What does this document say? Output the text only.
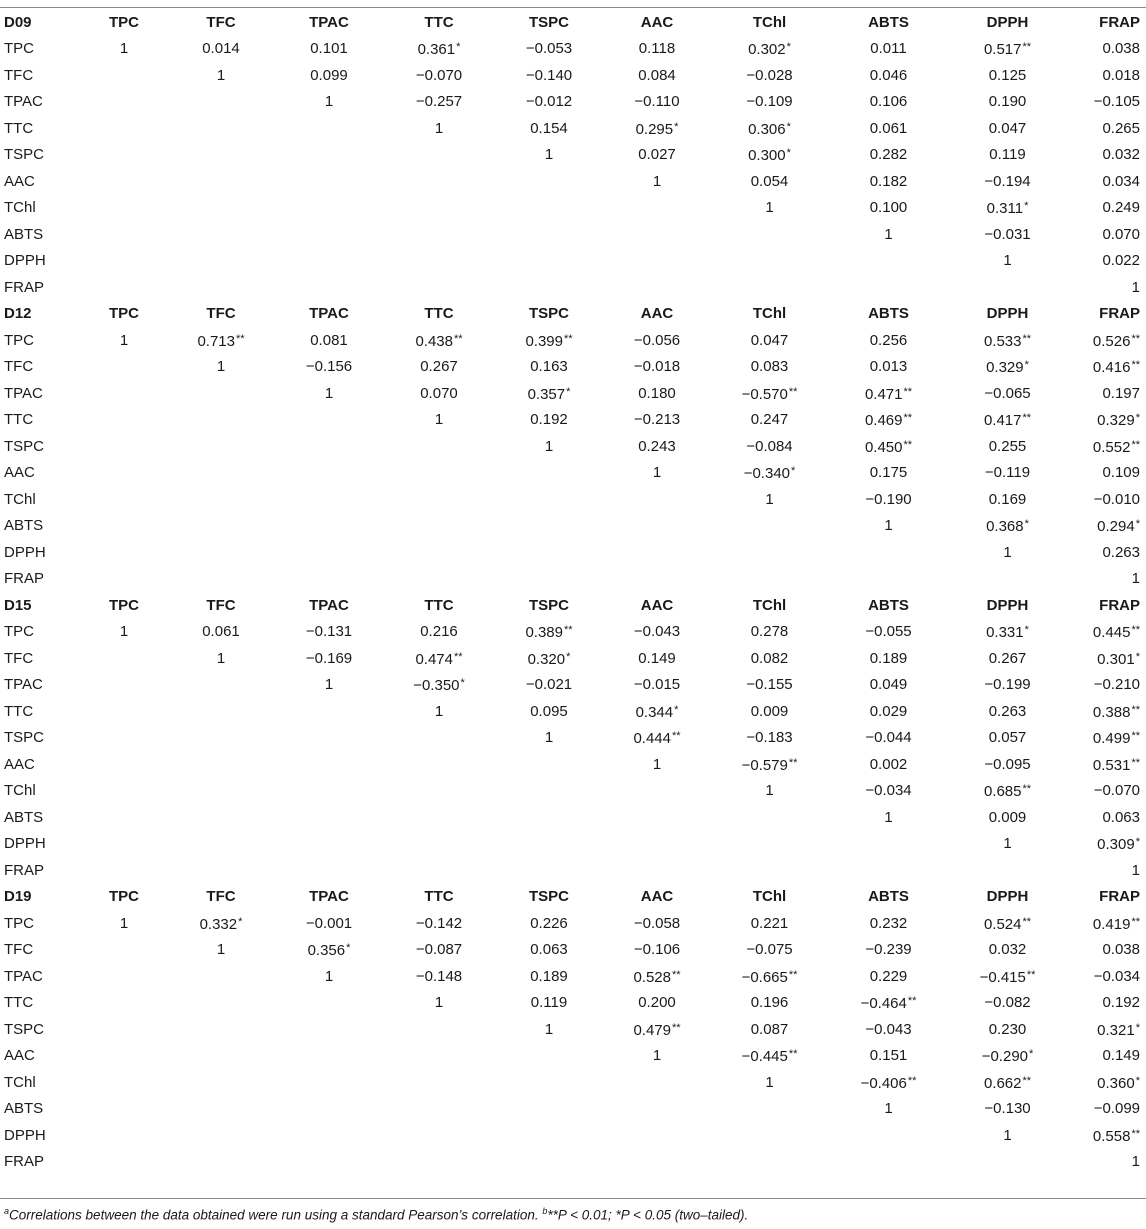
D09	TPC	TFC	TPAC	TTC	TSPC	AAC	TChl	ABTS	DPPH	FRAP
TPC	1	0.014	0.101	0.361*	−0.053	0.118	0.302*	0.011	0.517**	0.038
TFC		1	0.099	−0.070	−0.140	0.084	−0.028	0.046	0.125	0.018
TPAC			1	−0.257	−0.012	−0.110	−0.109	0.106	0.190	−0.105
TTC				1	0.154	0.295*	0.306*	0.061	0.047	0.265
TSPC					1	0.027	0.300*	0.282	0.119	0.032
AAC						1	0.054	0.182	−0.194	0.034
TChl							1	0.100	0.311*	0.249
ABTS								1	−0.031	0.070
DPPH									1	0.022
FRAP										1
D12	TPC	TFC	TPAC	TTC	TSPC	AAC	TChl	ABTS	DPPH	FRAP
TPC	1	0.713**	0.081	0.438**	0.399**	−0.056	0.047	0.256	0.533**	0.526**
TFC		1	−0.156	0.267	0.163	−0.018	0.083	0.013	0.329*	0.416**
TPAC			1	0.070	0.357*	0.180	−0.570**	0.471**	−0.065	0.197
TTC				1	0.192	−0.213	0.247	0.469**	0.417**	0.329*
TSPC					1	0.243	−0.084	0.450**	0.255	0.552**
AAC						1	−0.340*	0.175	−0.119	0.109
TChl							1	−0.190	0.169	−0.010
ABTS								1	0.368*	0.294*
DPPH									1	0.263
FRAP										1
D15	TPC	TFC	TPAC	TTC	TSPC	AAC	TChl	ABTS	DPPH	FRAP
TPC	1	0.061	−0.131	0.216	0.389**	−0.043	0.278	−0.055	0.331*	0.445**
TFC		1	−0.169	0.474**	0.320*	0.149	0.082	0.189	0.267	0.301*
TPAC			1	−0.350*	−0.021	−0.015	−0.155	0.049	−0.199	−0.210
TTC				1	0.095	0.344*	0.009	0.029	0.263	0.388**
TSPC					1	0.444**	−0.183	−0.044	0.057	0.499**
AAC						1	−0.579**	0.002	−0.095	0.531**
TChl							1	−0.034	0.685**	−0.070
ABTS								1	0.009	0.063
DPPH									1	0.309*
FRAP										1
D19	TPC	TFC	TPAC	TTC	TSPC	AAC	TChl	ABTS	DPPH	FRAP
TPC	1	0.332*	−0.001	−0.142	0.226	−0.058	0.221	0.232	0.524**	0.419**
TFC		1	0.356*	−0.087	0.063	−0.106	−0.075	−0.239	0.032	0.038
TPAC			1	−0.148	0.189	0.528**	−0.665**	0.229	−0.415**	−0.034
TTC				1	0.119	0.200	0.196	−0.464**	−0.082	0.192
TSPC					1	0.479**	0.087	−0.043	0.230	0.321*
AAC						1	−0.445**	0.151	−0.290*	0.149
TChl							1	−0.406**	0.662**	0.360*
ABTS								1	−0.130	−0.099
DPPH									1	0.558**
FRAP										1
$^a$Correlations between the data obtained were run using a standard Pearson’s correlation. $^b$**P < 0.01; *P < 0.05 (two–tailed).
